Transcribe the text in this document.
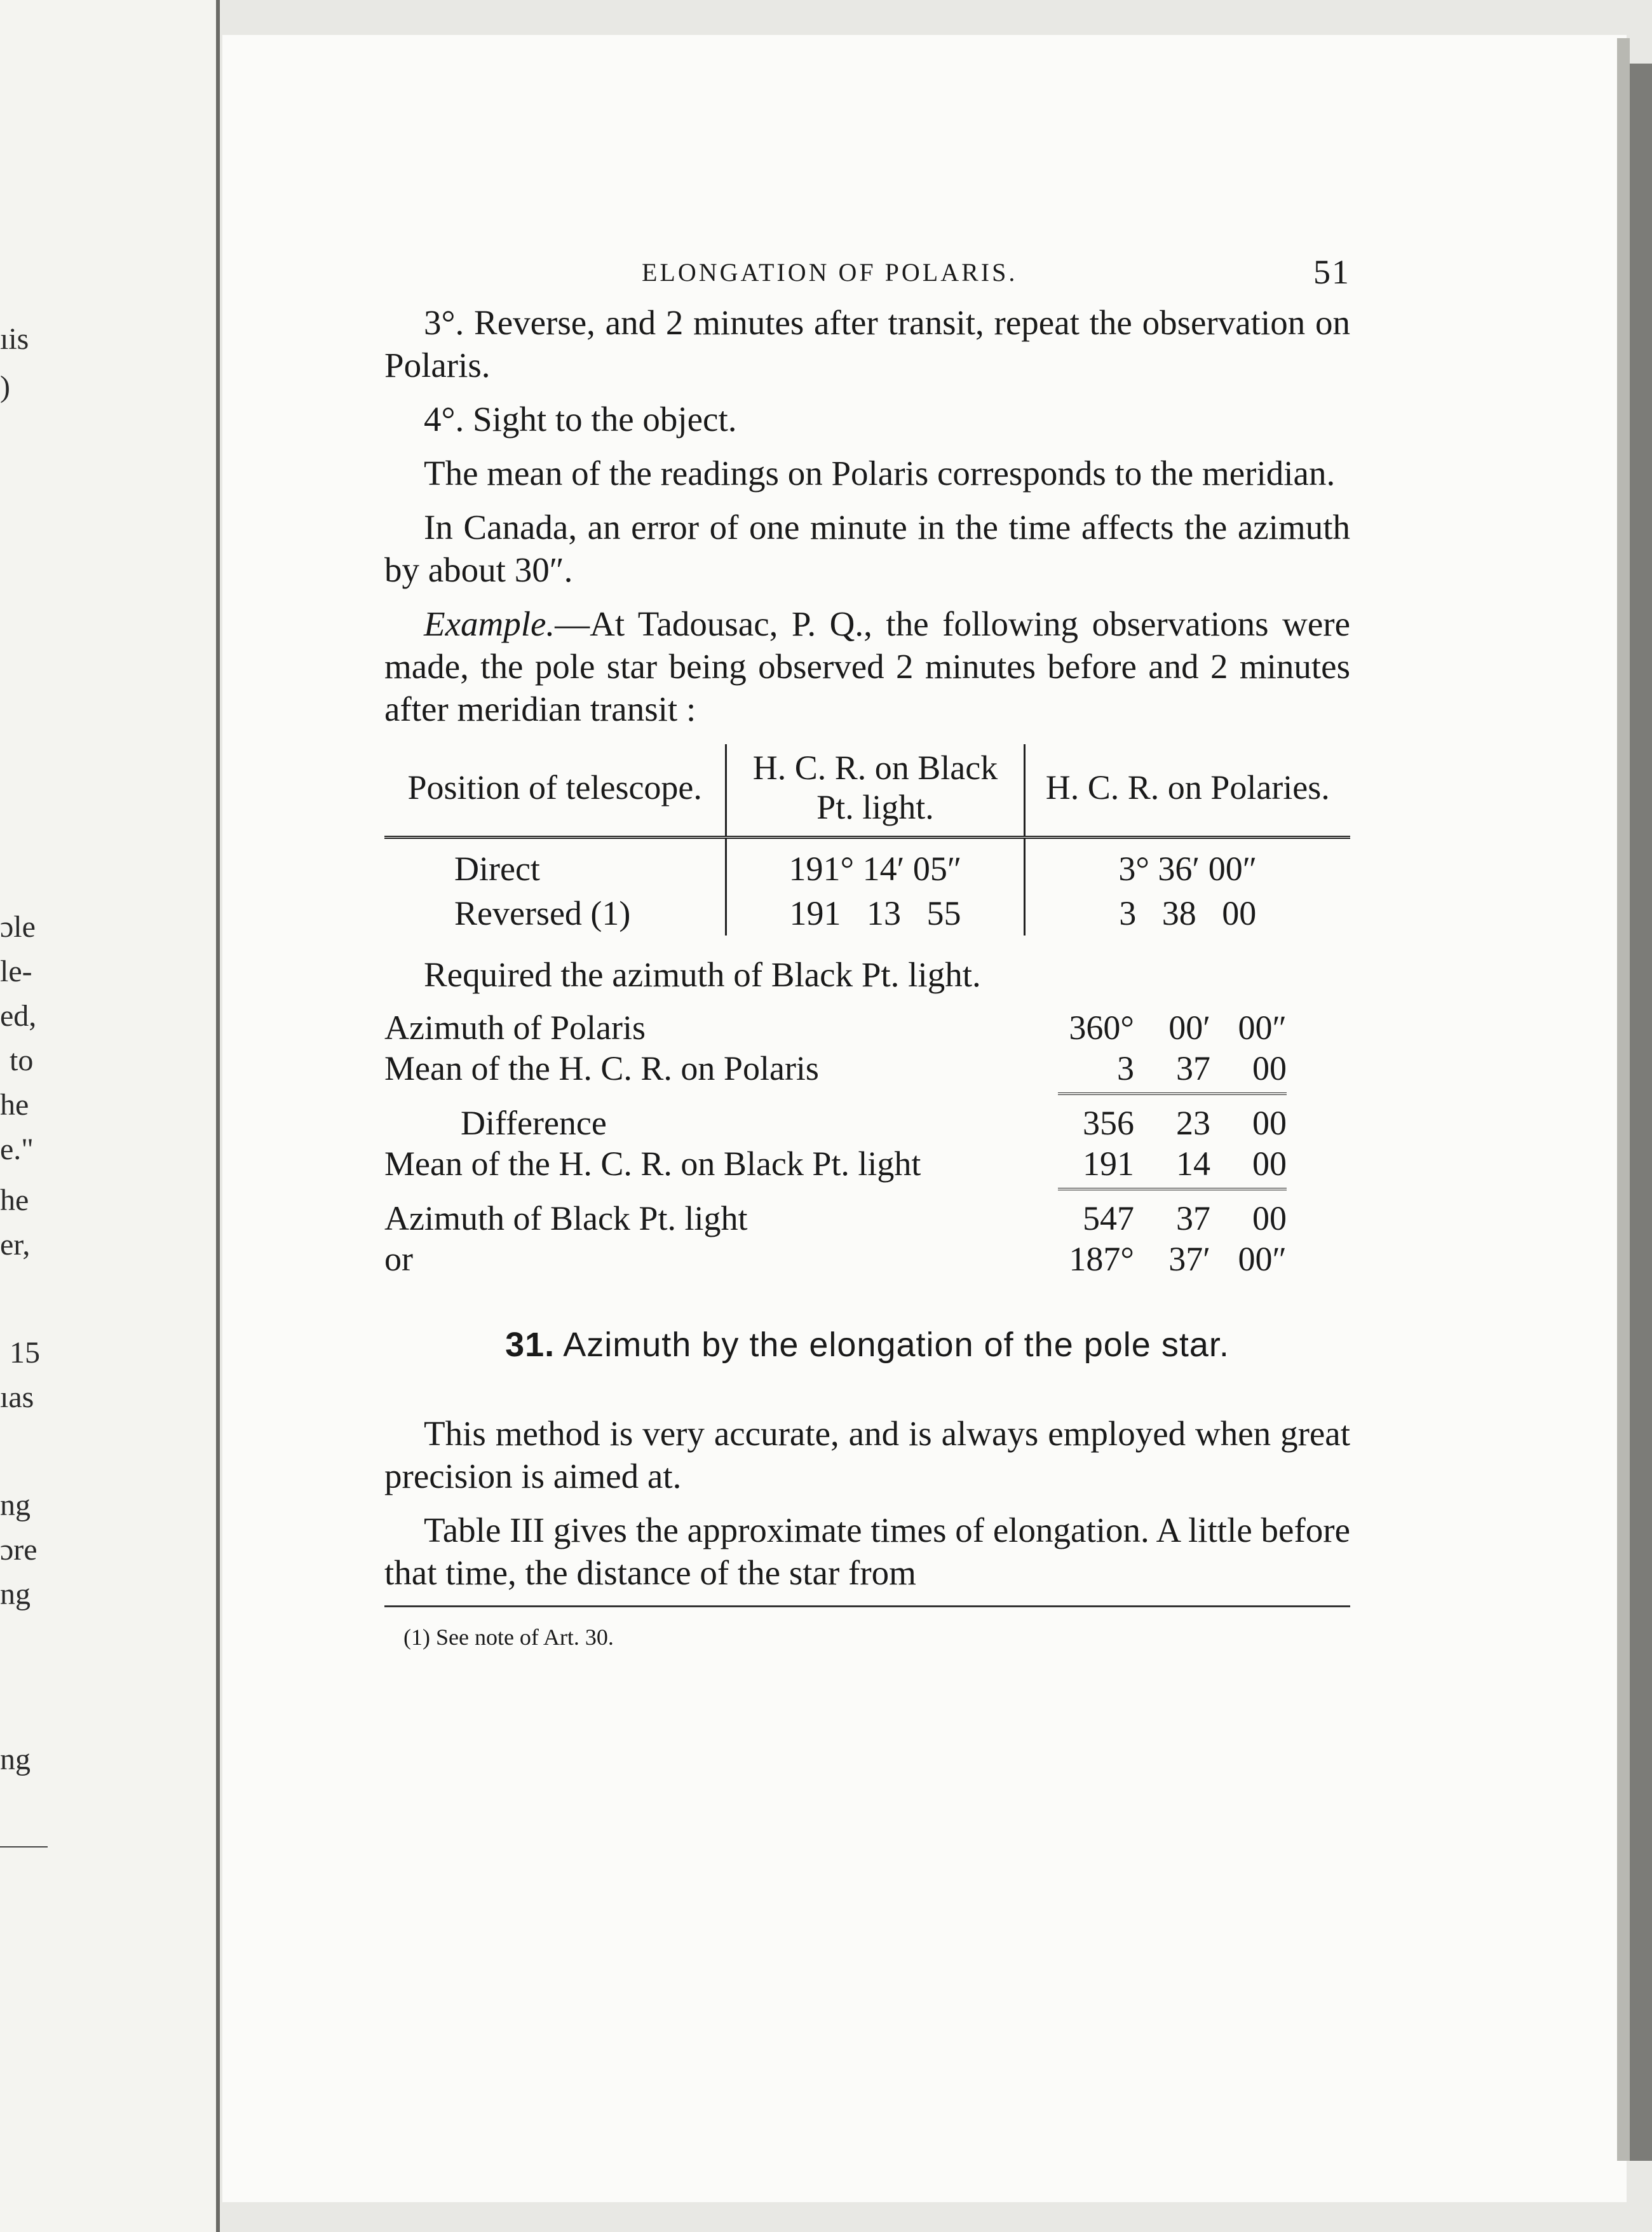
ıis
)
ɔle
le-
ed,
to
he
e."
he
er,
15
ıas
ng
ɔre
ng
ng
ELONGATION OF POLARIS.	51

3°. Reverse, and 2 minutes after transit, repeat the observation on Polaris.

4°. Sight to the object.

The mean of the readings on Polaris corresponds to the meridian.

In Canada, an error of one minute in the time affects the azimuth by about 30″.

Example.—At Tadousac, P. Q., the following observations were made, the pole star being observed 2 minutes before and 2 minutes after meridian transit :

Position of telescope.	H. C. R. on Black Pt. light.	H. C. R. on Polaries.
Direct	191° 14′ 05″	3° 36′ 00″
Reversed (1)	191   13   55	3   38   00

Required the azimuth of Black Pt. light.

Azimuth of Polaris	360°	00′ 00″
Mean of the H. C. R. on Polaris	3	37	00
Difference	356	23	00
Mean of the H. C. R. on Black Pt. light	191	14	00
Azimuth of Black Pt. light	547	37	00
or	187°	37′ 00″
31. Azimuth by the elongation of the pole star.

This method is very accurate, and is always employed when great precision is aimed at.

Table III gives the approximate times of elongation. A little before that time, the distance of the star from

(1) See note of Art. 30.
